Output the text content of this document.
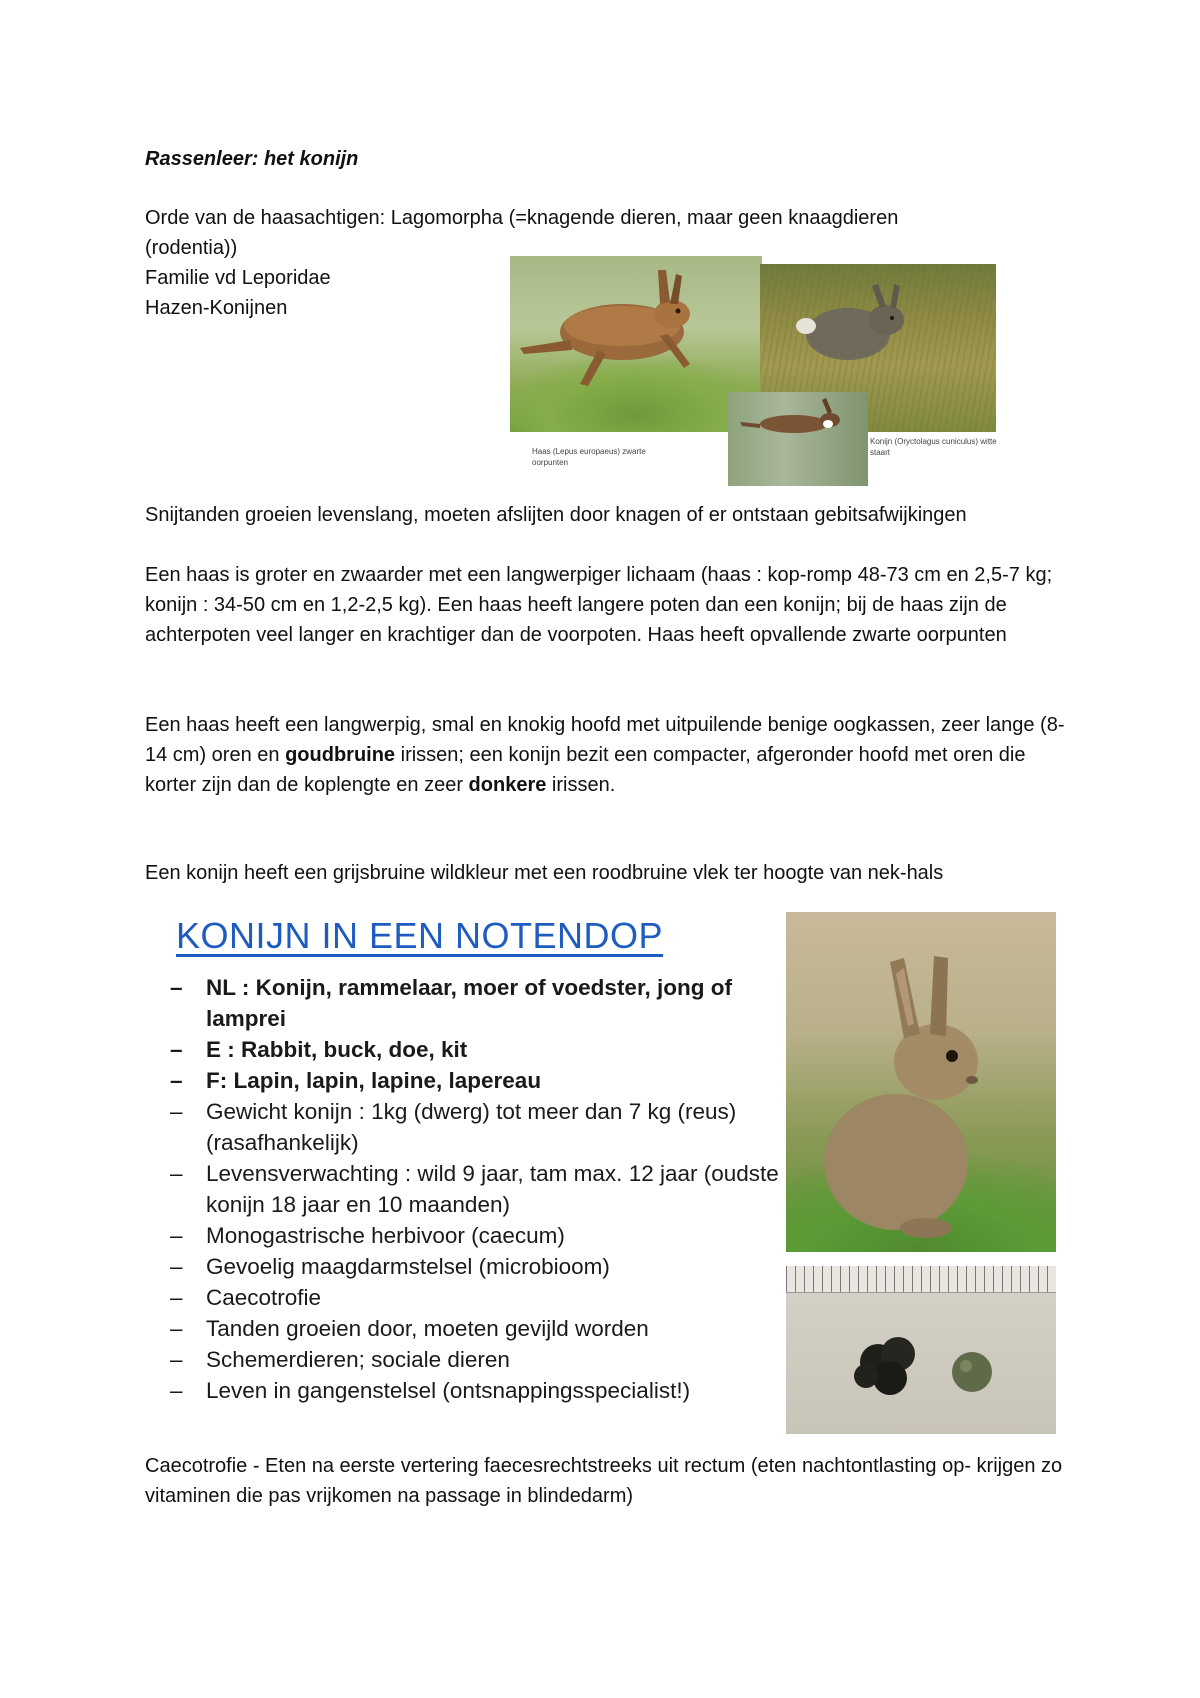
Rassenleer: het konijn

Orde van de haasachtigen: Lagomorpha (=knagende dieren, maar geen knaagdieren
(rodentia))
Familie vd Leporidae
Hazen-Konijnen

Haas (Lepus europaeus) zwarte oorpunten
Konijn (Oryctolagus cuniculus) witte staart

Snijtanden groeien levenslang, moeten afslijten door knagen of er ontstaan gebitsafwijkingen

Een haas is groter en zwaarder met een langwerpiger lichaam (haas : kop-romp 48-73 cm en 2,5-7 kg; konijn : 34-50 cm en 1,2-2,5 kg). Een haas heeft langere poten dan een konijn; bij de haas zijn de achterpoten veel langer en krachtiger dan de voorpoten. Haas heeft opvallende zwarte oorpunten

Een haas heeft een langwerpig, smal en knokig hoofd met uitpuilende benige oogkassen, zeer lange (8-14 cm) oren en goudbruine irissen; een konijn bezit een compacter, afgeronder hoofd met oren die korter zijn dan de koplengte en zeer donkere irissen.

Een konijn heeft een grijsbruine wildkleur met een roodbruine vlek ter hoogte van nek-hals

KONIJN IN EEN NOTENDOP
– NL : Konijn, rammelaar, moer of voedster, jong of lamprei
– E : Rabbit, buck, doe, kit
– F: Lapin, lapin, lapine, lapereau
– Gewicht konijn : 1kg (dwerg) tot meer dan 7 kg (reus) (rasafhankelijk)
– Levensverwachting : wild 9 jaar, tam max. 12 jaar (oudste konijn 18 jaar en 10 maanden)
– Monogastrische herbivoor (caecum)
– Gevoelig maagdarmstelsel (microbioom)
– Caecotrofie
– Tanden groeien door, moeten gevijld worden
– Schemerdieren; sociale dieren
– Leven in gangenstelsel (ontsnappingsspecialist!)

Caecotrofie - Eten na eerste vertering faecesrechtstreeks uit rectum (eten nachtontlasting op- krijgen zo vitaminen die pas vrijkomen na passage in blindedarm)
